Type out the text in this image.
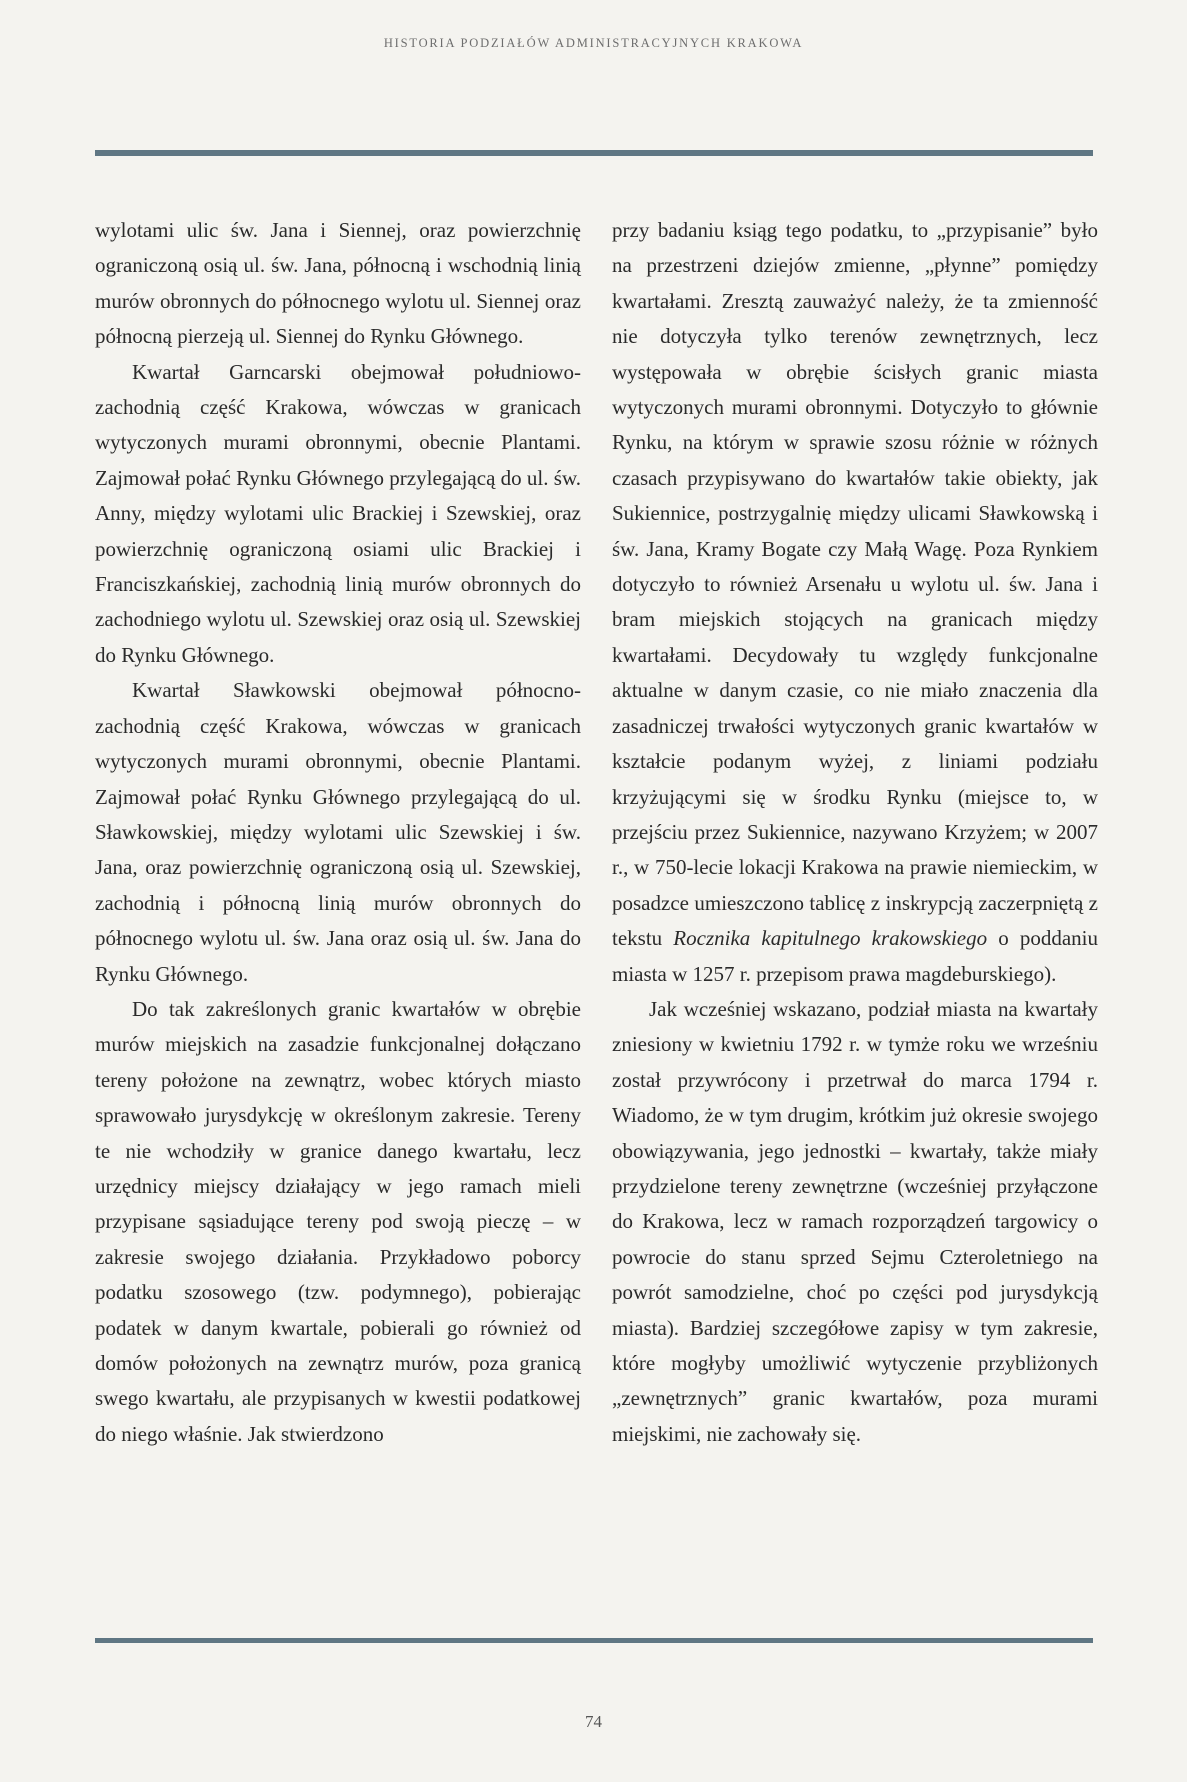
HISTORIA PODZIAŁÓW ADMINISTRACYJNYCH KRAKOWA

wylotami ulic św. Jana i Siennej, oraz powierzchnię ograniczoną osią ul. św. Jana, północną i wschodnią linią murów obronnych do północnego wylotu ul. Siennej oraz północną pierzeją ul. Siennej do Rynku Głównego.

Kwartał Garncarski obejmował południowo-zachodnią część Krakowa, wówczas w granicach wytyczonych murami obronnymi, obecnie Plantami. Zajmował połać Rynku Głównego przylegającą do ul. św. Anny, między wylotami ulic Brackiej i Szewskiej, oraz powierzchnię ograniczoną osiami ulic Brackiej i Franciszkańskiej, zachodnią linią murów obronnych do zachodniego wylotu ul. Szewskiej oraz osią ul. Szewskiej do Rynku Głównego.

Kwartał Sławkowski obejmował północno-zachodnią część Krakowa, wówczas w granicach wytyczonych murami obronnymi, obecnie Plantami. Zajmował połać Rynku Głównego przylegającą do ul. Sławkowskiej, między wylotami ulic Szewskiej i św. Jana, oraz powierzchnię ograniczoną osią ul. Szewskiej, zachodnią i północną linią murów obronnych do północnego wylotu ul. św. Jana oraz osią ul. św. Jana do Rynku Głównego.

Do tak zakreślonych granic kwartałów w obrębie murów miejskich na zasadzie funkcjonalnej dołączano tereny położone na zewnątrz, wobec których miasto sprawowało jurysdykcję w określonym zakresie. Tereny te nie wchodziły w granice danego kwartału, lecz urzędnicy miejscy działający w jego ramach mieli przypisane sąsiadujące tereny pod swoją pieczę – w zakresie swojego działania. Przykładowo poborcy podatku szosowego (tzw. podymnego), pobierając podatek w danym kwartale, pobierali go również od domów położonych na zewnątrz murów, poza granicą swego kwartału, ale przypisanych w kwestii podatkowej do niego właśnie. Jak stwierdzono

przy badaniu ksiąg tego podatku, to „przypisanie” było na przestrzeni dziejów zmienne, „płynne” pomiędzy kwartałami. Zresztą zauważyć należy, że ta zmienność nie dotyczyła tylko terenów zewnętrznych, lecz występowała w obrębie ścisłych granic miasta wytyczonych murami obronnymi. Dotyczyło to głównie Rynku, na którym w sprawie szosu różnie w różnych czasach przypisywano do kwartałów takie obiekty, jak Sukiennice, postrzygalnię między ulicami Sławkowską i św. Jana, Kramy Bogate czy Małą Wagę. Poza Rynkiem dotyczyło to również Arsenału u wylotu ul. św. Jana i bram miejskich stojących na granicach między kwartałami. Decydowały tu względy funkcjonalne aktualne w danym czasie, co nie miało znaczenia dla zasadniczej trwałości wytyczonych granic kwartałów w kształcie podanym wyżej, z liniami podziału krzyżującymi się w środku Rynku (miejsce to, w przejściu przez Sukiennice, nazywano Krzyżem; w 2007 r., w 750-lecie lokacji Krakowa na prawie niemieckim, w posadzce umieszczono tablicę z inskrypcją zaczerpniętą z tekstu Rocznika kapitulnego krakowskiego o poddaniu miasta w 1257 r. przepisom prawa magdeburskiego).

Jak wcześniej wskazano, podział miasta na kwartały zniesiony w kwietniu 1792 r. w tymże roku we wrześniu został przywrócony i przetrwał do marca 1794 r. Wiadomo, że w tym drugim, krótkim już okresie swojego obowiązywania, jego jednostki – kwartały, także miały przydzielone tereny zewnętrzne (wcześniej przyłączone do Krakowa, lecz w ramach rozporządzeń targowicy o powrocie do stanu sprzed Sejmu Czteroletniego na powrót samodzielne, choć po części pod jurysdykcją miasta). Bardziej szczegółowe zapisy w tym zakresie, które mogłyby umożliwić wytyczenie przybliżonych „zewnętrznych” granic kwartałów, poza murami miejskimi, nie zachowały się.

74
